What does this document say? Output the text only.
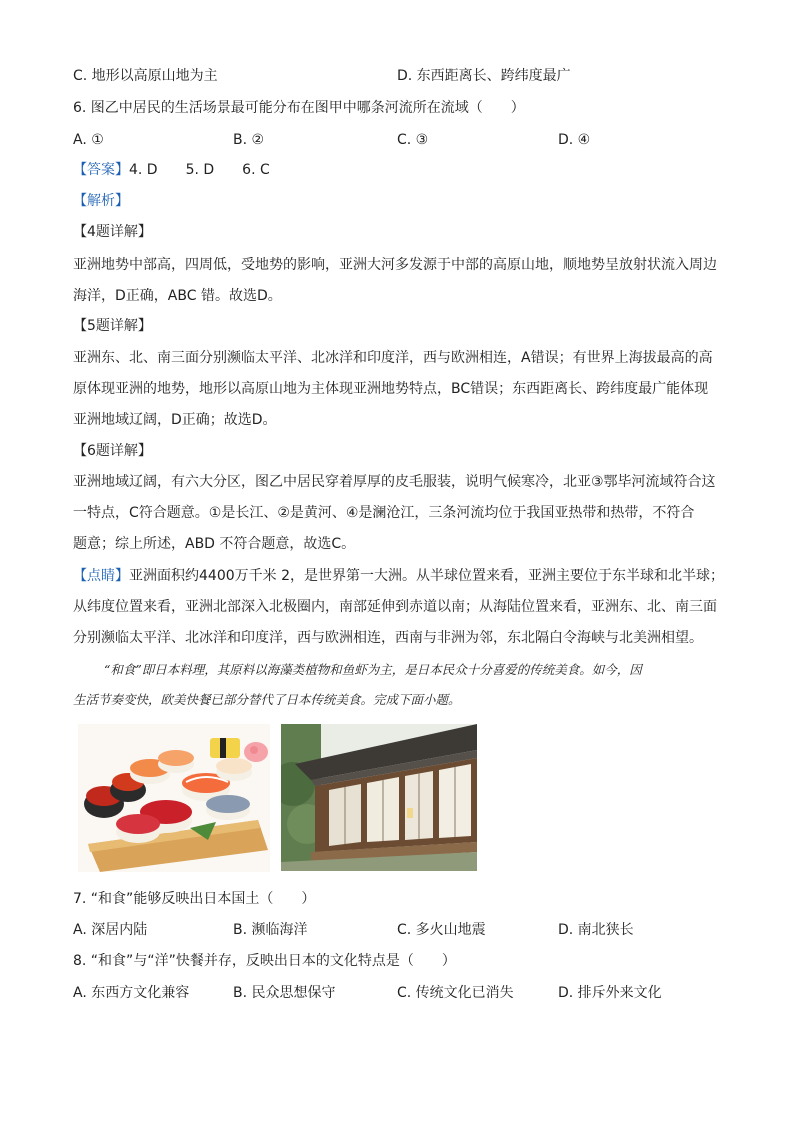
C. 地形以高原山地为主	D. 东西距离长、跨纬度最广
6. 图乙中居民的生活场景最可能分布在图甲中哪条河流所在流域（　　）
A. ①	B. ②	C. ③	D. ④
【答案】4. D　　5. D　　6. C
【解析】
【4题详解】
亚洲地势中部高，四周低，受地势的影响，亚洲大河多发源于中部的高原山地，顺地势呈放射状流入周边
海洋，D正确，ABC 错。故选D。
【5题详解】
亚洲东、北、南三面分别濒临太平洋、北冰洋和印度洋，西与欧洲相连，A错误；有世界上海拔最高的高
原体现亚洲的地势，地形以高原山地为主体现亚洲地势特点，BC错误；东西距离长、跨纬度最广能体现
亚洲地域辽阔，D正确；故选D。
【6题详解】
亚洲地域辽阔，有六大分区，图乙中居民穿着厚厚的皮毛服装，说明气候寒冷，北亚③鄂毕河流域符合这
一特点，C符合题意。①是长江、②是黄河、④是澜沧江，三条河流均位于我国亚热带和热带，不符合
题意；综上所述，ABD 不符合题意，故选C。
【点睛】亚洲面积约4400万千米 2，是世界第一大洲。从半球位置来看，亚洲主要位于东半球和北半球；
从纬度位置来看，亚洲北部深入北极圈内，南部延伸到赤道以南；从海陆位置来看，亚洲东、北、南三面
分别濒临太平洋、北冰洋和印度洋，西与欧洲相连，西南与非洲为邻，东北隔白令海峡与北美洲相望。
“和食”即日本料理，其原料以海藻类植物和鱼虾为主，是日本民众十分喜爱的传统美食。如今，因
生活节奏变快，欧美快餐已部分替代了日本传统美食。完成下面小题。
7. “和食”能够反映出日本国土（　　）
A. 深居内陆	B. 濒临海洋	C. 多火山地震	D. 南北狭长
8. “和食”与“洋”快餐并存，反映出日本的文化特点是（　　）
A. 东西方文化兼容	B. 民众思想保守	C. 传统文化已消失	D. 排斥外来文化
